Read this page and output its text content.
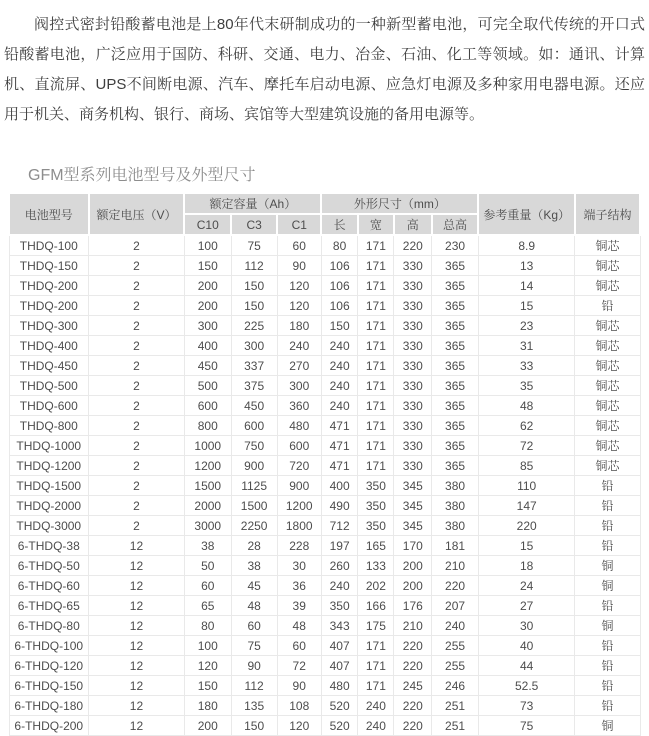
阀控式密封铅酸蓄电池是上80年代末研制成功的一种新型蓄电池，可完全取代传统的开口式铅酸蓄电池，广泛应用于国防、科研、交通、电力、冶金、石油、化工等领域。如：通讯、计算机、直流屏、UPS不间断电源、汽车、摩托车启动电源、应急灯电源及多种家用电器电源。还应用于机关、商务机构、银行、商场、宾馆等大型建筑设施的备用电源等。

GFM型系列电池型号及外型尺寸
电池型号	额定电压（V）	额定容量（Ah）			外形尺寸（mm）				参考重量（Kg）	端子结构
		C10	C3	C1	长	宽	高	总高		
THDQ-100	2	100	75	60	80	171	220	230	8.9	铜芯
THDQ-150	2	150	112	90	106	171	330	365	13	铜芯
THDQ-200	2	200	150	120	106	171	330	365	14	铜芯
THDQ-200	2	200	150	120	106	171	330	365	15	铅
THDQ-300	2	300	225	180	150	171	330	365	23	铜芯
THDQ-400	2	400	300	240	240	171	330	365	31	铜芯
THDQ-450	2	450	337	270	240	171	330	365	33	铜芯
THDQ-500	2	500	375	300	240	171	330	365	35	铜芯
THDQ-600	2	600	450	360	240	171	330	365	48	铜芯
THDQ-800	2	800	600	480	471	171	330	365	62	铜芯
THDQ-1000	2	1000	750	600	471	171	330	365	72	铜芯
THDQ-1200	2	1200	900	720	471	171	330	365	85	铜芯
THDQ-1500	2	1500	1125	900	400	350	345	380	110	铅
THDQ-2000	2	2000	1500	1200	490	350	345	380	147	铅
THDQ-3000	2	3000	2250	1800	712	350	345	380	220	铅
6-THDQ-38	12	38	28	228	197	165	170	181	15	铅
6-THDQ-50	12	50	38	30	260	133	200	210	18	铜
6-THDQ-60	12	60	45	36	240	202	200	220	24	铜
6-THDQ-65	12	65	48	39	350	166	176	207	27	铅
6-THDQ-80	12	80	60	48	343	175	210	240	30	铜
6-THDQ-100	12	100	75	60	407	171	220	255	40	铅
6-THDQ-120	12	120	90	72	407	171	220	255	44	铅
6-THDQ-150	12	150	112	90	480	171	245	246	52.5	铅
6-THDQ-180	12	180	135	108	520	240	220	251	73	铅
6-THDQ-200	12	200	150	120	520	240	220	251	75	铜
